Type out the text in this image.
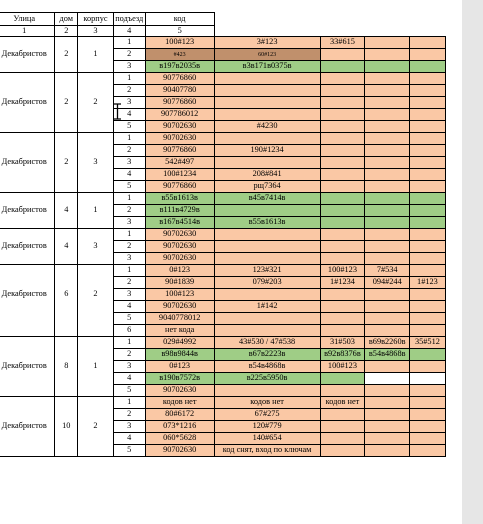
Улица	дом	корпус	подъезд	код					
1	2	3	4	5					
			1	100#123	3#123	33#615			
Декабристов	2	1	2	#423	60#123				
			3	в197в2035в	в3в171в0375в				
			1	90776860					
			2	90407780					
Декабристов	2	2	3	90776860					
			4	907786012					
			5	90702630	#4230				
			1	90702630					
			2	90776860	190#1234				
Декабристов	2	3	3	542#497					
			4	100#1234	208#841				
			5	90776860	рщ7364				
			1	в55в1613в	в45в7414в				
Декабристов	4	1	2	в111в4729в					
			3	в167в4514в	в55в1613в				
			1	90702630					
Декабристов	4	3	2	90702630					
			3	90702630					
			1	0#123	123#321	100#123	7#534		
			2	90#1839	079#203	1#1234	094#244	1#123	
Декабристов	6	2	3	100#123					
			4	90702630	1#142				
			5	9040778012					
			6	нет кода					
			1	029#4992	43#530 / 47#538	31#503	в69в2260в	35#512	
			2	в98в9844в	в67в2223в	в92в8376в	в54в4868в		
Декабристов	8	1	3	0#123	в54в4868в	100#123			
			4	в190в7572в	в225в5950в				
			5	90702630					
			1	кодов нет	кодов нет	кодов нет			
			2	80#6172	67#275				
Декабристов	10	2	3	073*1216	120#779				
			4	060*5628	140#654				
			5	90702630	код снят, вход по ключам				
